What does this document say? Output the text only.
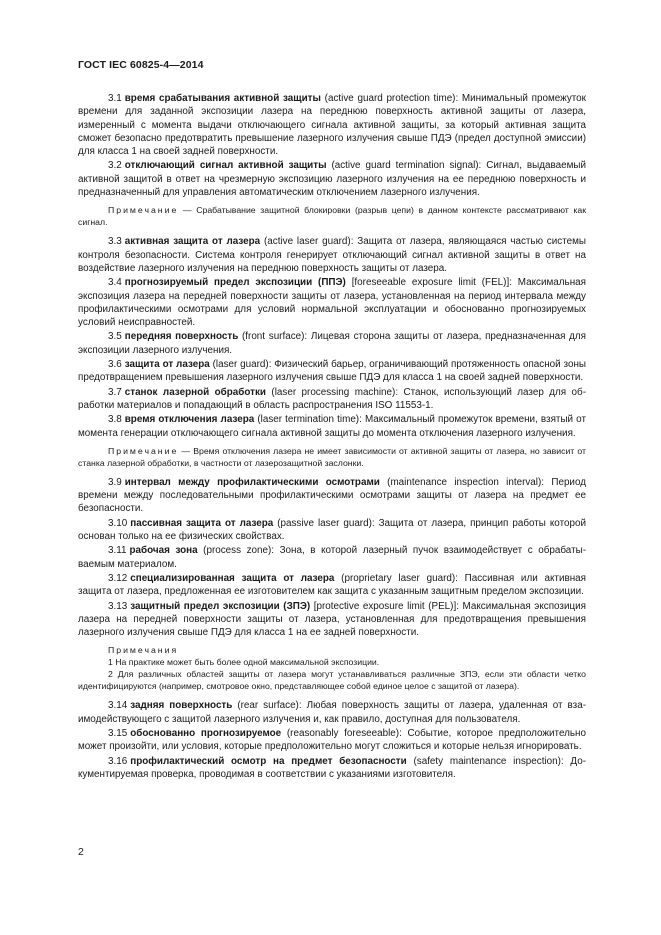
ГОСТ IEC 60825-4—2014

3.1 время срабатывания активной защиты (active guard protection time): Минимальный промежуток времени для заданной экспозиции лазера на переднюю поверхность активной защиты от лазера, измеренный с момента выдачи отключающего сигнала активной защиты, за который активная защита сможет безопасно предотвратить превышение лазерного излучения свыше ПДЭ (предел доступной эмиссии) для класса 1 на своей задней поверхности.

3.2 отключающий сигнал активной защиты (active guard termination signal): Сигнал, выдаваемый активной защитой в ответ на чрезмерную экспозицию лазерного излучения на ее переднюю поверхность и предназначенный для управления автоматическим отключением лазерного излучения.

Примечание — Срабатывание защитной блокировки (разрыв цепи) в данном контексте рассматривают как сигнал.

3.3 активная защита от лазера (active laser guard): Защита от лазера, являющаяся частью системы контроля безопасности. Система контроля генерирует отключающий сигнал активной защиты в ответ на воздействие лазерного излучения на переднюю поверхность защиты от лазера.

3.4 прогнозируемый предел экспозиции (ППЭ) [foreseeable exposure limit (FEL)]: Максимальная экспозиция лазера на передней поверхности защиты от лазера, установленная на период интервала между профилактическими осмотрами для условий нормальной эксплуатации и обоснованно прогнозируемых условий неисправностей.

3.5 передняя поверхность (front surface): Лицевая сторона защиты от лазера, предназначенная для экспозиции лазерного излучения.

3.6 защита от лазера (laser guard): Физический барьер, ограничивающий протяженность опасной зоны предотвращением превышения лазерного излучения свыше ПДЭ для класса 1 на своей задней поверхности.

3.7 станок лазерной обработки (laser processing machine): Станок, использующий лазер для обработки материалов и попадающий в область распространения ISO 11553-1.

3.8 время отключения лазера (laser termination time): Максимальный промежуток времени, взятый от момента генерации отключающего сигнала активной защиты до момента отключения лазерного излучения.

Примечание — Время отключения лазера не имеет зависимости от активной защиты от лазера, но зависит от станка лазерной обработки, в частности от лазерозащитной заслонки.

3.9 интервал между профилактическими осмотрами (maintenance inspection interval): Период времени между последовательными профилактическими осмотрами защиты от лазера на предмет ее безопасности.

3.10 пассивная защита от лазера (passive laser guard): Защита от лазера, принцип работы которой основан только на ее физических свойствах.

3.11 рабочая зона (process zone): Зона, в которой лазерный пучок взаимодействует с обрабатываемым материалом.

3.12 специализированная защита от лазера (proprietary laser guard): Пассивная или активная защита от лазера, предложенная ее изготовителем как защита с указанным защитным пределом экспозиции.

3.13 защитный предел экспозиции (ЗПЭ) [protective exposure limit (PEL)]: Максимальная экспозиция лазера на передней поверхности защиты от лазера, установленная для предотвращения превышения лазерного излучения свыше ПДЭ для класса 1 на ее задней поверхности.

Примечания

1 На практике может быть более одной максимальной экспозиции.

2 Для различных областей защиты от лазера могут устанавливаться различные ЗПЭ, если эти области четко идентифицируются (например, смотровое окно, представляющее собой единое целое с защитой от лазера).

3.14 задняя поверхность (rear surface): Любая поверхность защиты от лазера, удаленная от взаимодействующего с защитой лазерного излучения и, как правило, доступная для пользователя.

3.15 обоснованно прогнозируемое (reasonably foreseeable): Событие, которое предположительно может произойти, или условия, которые предположительно могут сложиться и которые нельзя игнорировать.

3.16 профилактический осмотр на предмет безопасности (safety maintenance inspection): Документируемая проверка, проводимая в соответствии с указаниями изготовителя.

2
